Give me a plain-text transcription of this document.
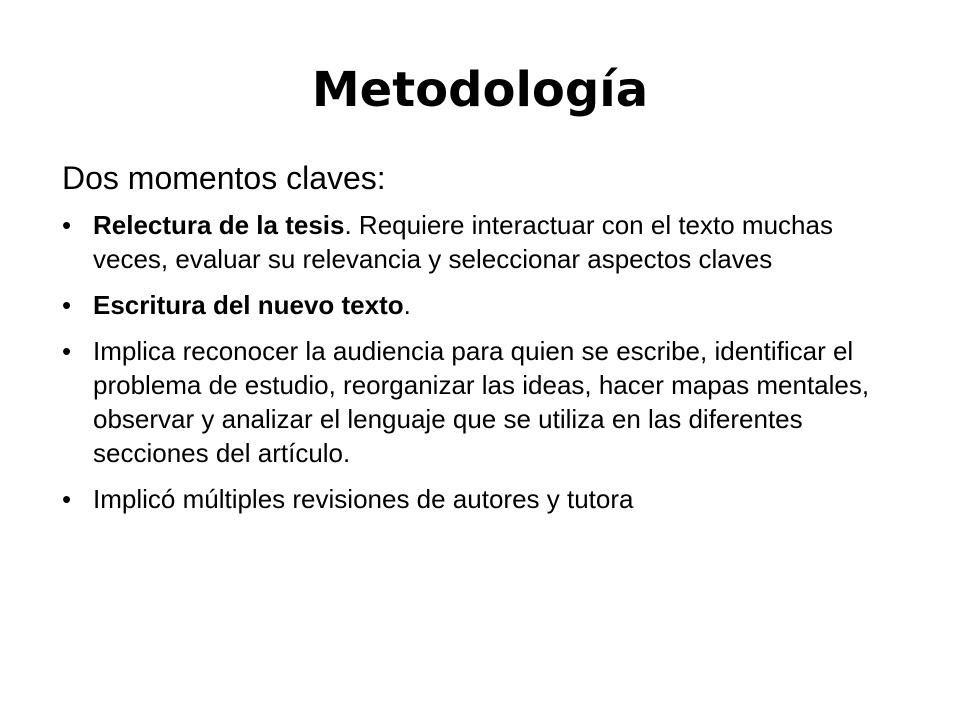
Metodología

Dos momentos claves:

• Relectura de la tesis. Requiere interactuar con el texto muchas veces, evaluar su relevancia y seleccionar aspectos claves
• Escritura del nuevo texto.
• Implica reconocer la audiencia para quien se escribe, identificar el problema de estudio, reorganizar las ideas, hacer mapas mentales, observar y analizar el lenguaje que se utiliza en las diferentes secciones del artículo.
• Implicó múltiples revisiones de autores y tutora
